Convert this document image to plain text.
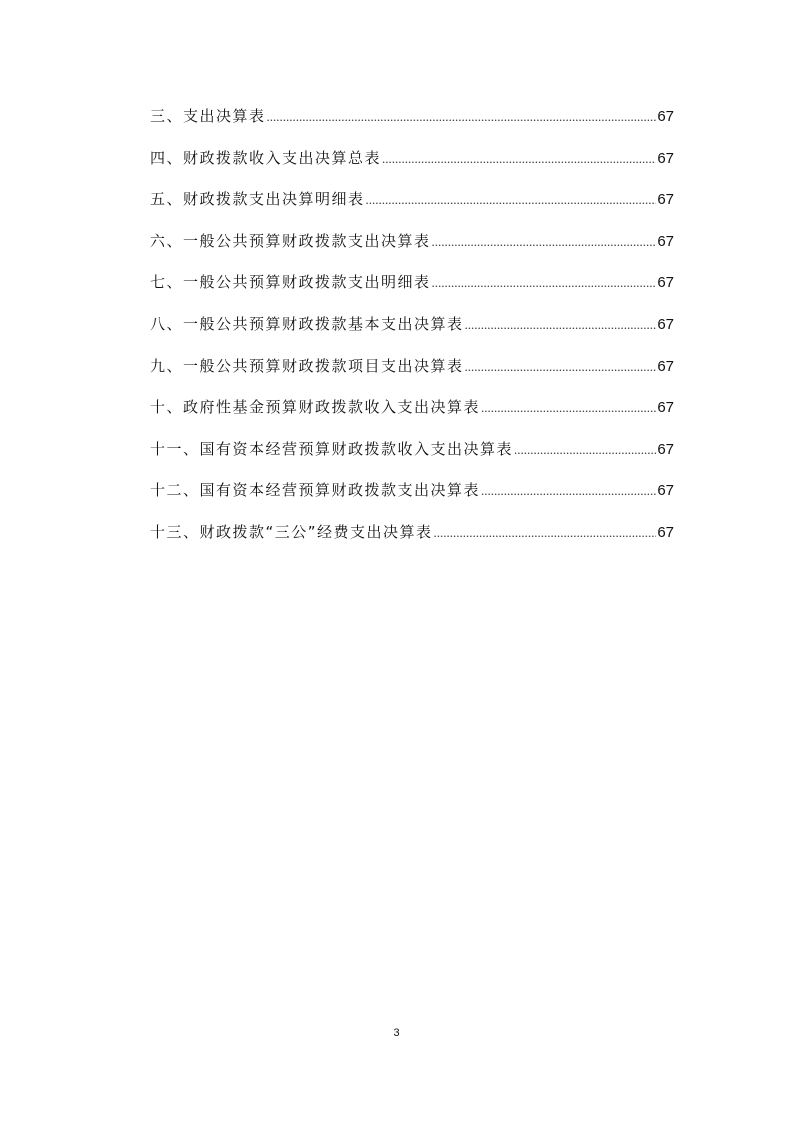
三、支出决算表 .....	67
四、财政拨款收入支出决算总表 .....	67
五、财政拨款支出决算明细表 .....	67
六、一般公共预算财政拨款支出决算表 .....	67
七、一般公共预算财政拨款支出明细表 .....	67
八、一般公共预算财政拨款基本支出决算表 .....	67
九、一般公共预算财政拨款项目支出决算表 .....	67
十、政府性基金预算财政拨款收入支出决算表 .....	67
十一、国有资本经营预算财政拨款收入支出决算表 .....	67
十二、国有资本经营预算财政拨款支出决算表 .....	67
十三、财政拨款“三公”经费支出决算表 .....	67
3
